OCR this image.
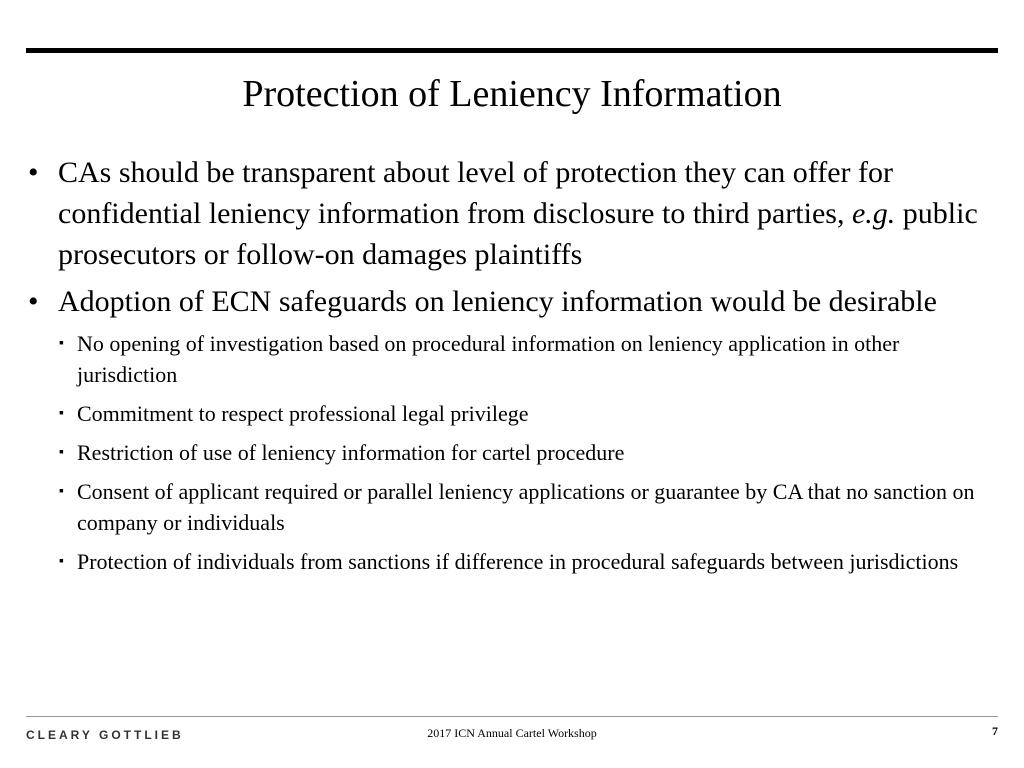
Protection of Leniency Information
• CAs should be transparent about level of protection they can offer for confidential leniency information from disclosure to third parties, e.g. public prosecutors or follow-on damages plaintiffs
• Adoption of ECN safeguards on leniency information would be desirable
▪ No opening of investigation based on procedural information on leniency application in other jurisdiction
▪ Commitment to respect professional legal privilege
▪ Restriction of use of leniency information for cartel procedure
▪ Consent of applicant required or parallel leniency applications or guarantee by CA that no sanction on company or individuals
▪ Protection of individuals from sanctions if difference in procedural safeguards between jurisdictions
CLEARY GOTTLIEB	2017 ICN Annual Cartel Workshop	7
